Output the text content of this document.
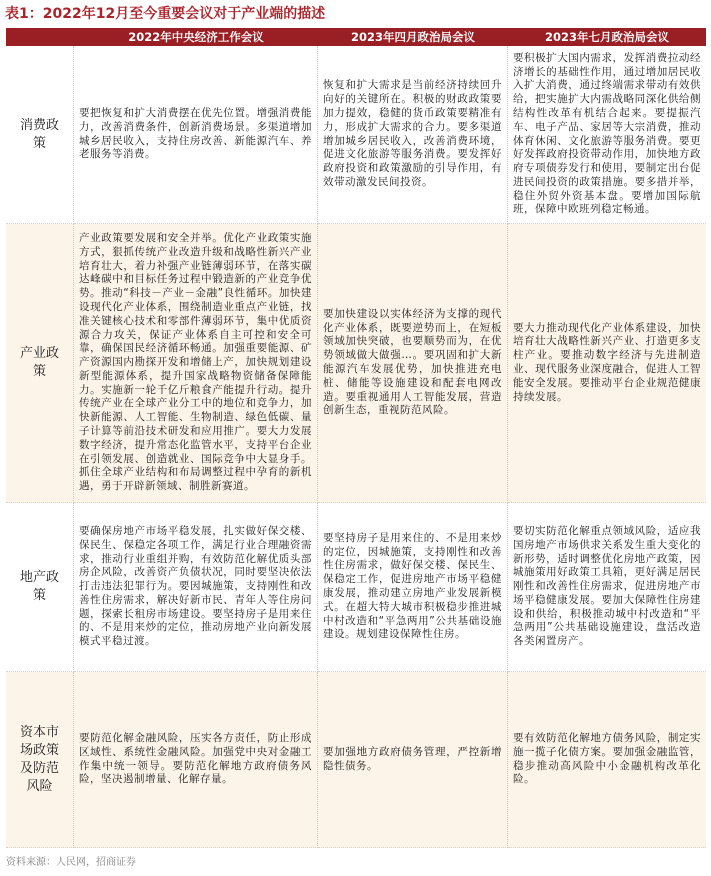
表1：2022年12月至今重要会议对于产业端的描述
2022年中央经济工作会议	2023年四月政治局会议	2023年七月政治局会议
消费政策
要把恢复和扩大消费摆在优先位置。增强消费能力，改善消费条件，创新消费场景。多渠道增加城乡居民收入，支持住房改善、新能源汽车、养老服务等消费。
恢复和扩大需求是当前经济持续回升向好的关键所在。积极的财政政策要加力提效，稳健的货币政策要精准有力，形成扩大需求的合力。要多渠道增加城乡居民收入，改善消费环境，促进文化旅游等服务消费。要发挥好政府投资和政策激励的引导作用，有效带动激发民间投资。
要积极扩大国内需求，发挥消费拉动经济增长的基础性作用，通过增加居民收入扩大消费，通过终端需求带动有效供给，把实施扩大内需战略同深化供给侧结构性改革有机结合起来。要提振汽车、电子产品、家居等大宗消费，推动体育休闲、文化旅游等服务消费。要更好发挥政府投资带动作用，加快地方政府专项债券发行和使用，要制定出台促进民间投资的政策措施。要多措并举，稳住外贸外资基本盘。要增加国际航班，保障中欧班列稳定畅通。
产业政策
产业政策要发展和安全并举。优化产业政策实施方式，狠抓传统产业改造升级和战略性新兴产业培育壮大，着力补强产业链薄弱环节，在落实碳达峰碳中和目标任务过程中锻造新的产业竞争优势。推动“科技－产业－金融”良性循环。加快建设现代化产业体系，围绕制造业重点产业链，找准关键核心技术和零部件薄弱环节，集中优质资源合力攻关，保证产业体系自主可控和安全可靠，确保国民经济循环畅通。加强重要能源、矿产资源国内勘探开发和增储上产，加快规划建设新型能源体系，提升国家战略物资储备保障能力。实施新一轮千亿斤粮食产能提升行动。提升传统产业在全球产业分工中的地位和竞争力，加快新能源、人工智能、生物制造、绿色低碳、量子计算等前沿技术研发和应用推广。要大力发展数字经济，提升常态化监管水平，支持平台企业在引领发展、创造就业、国际竞争中大显身手。抓住全球产业结构和布局调整过程中孕育的新机遇，勇于开辟新领域、制胜新赛道。
要加快建设以实体经济为支撑的现代化产业体系，既要逆势而上，在短板领域加快突破，也要顺势而为，在优势领域做大做强…。要巩固和扩大新能源汽车发展优势，加快推进充电桩、储能等设施建设和配套电网改造。要重视通用人工智能发展，营造创新生态，重视防范风险。
要大力推动现代化产业体系建设，加快培育壮大战略性新兴产业、打造更多支柱产业。要推动数字经济与先进制造业、现代服务业深度融合，促进人工智能安全发展。要推动平台企业规范健康持续发展。
地产政策
要确保房地产市场平稳发展，扎实做好保交楼、保民生、保稳定各项工作，满足行业合理融资需求，推动行业重组并购，有效防范化解优质头部房企风险，改善资产负债状况，同时要坚决依法打击违法犯罪行为。要因城施策，支持刚性和改善性住房需求，解决好新市民、青年人等住房问题，探索长租房市场建设。要坚持房子是用来住的、不是用来炒的定位，推动房地产业向新发展模式平稳过渡。
要坚持房子是用来住的、不是用来炒的定位，因城施策，支持刚性和改善性住房需求，做好保交楼、保民生、保稳定工作，促进房地产市场平稳健康发展，推动建立房地产业发展新模式。在超大特大城市积极稳步推进城中村改造和“平急两用”公共基础设施建设。规划建设保障性住房。
要切实防范化解重点领域风险，适应我国房地产市场供求关系发生重大变化的新形势，适时调整优化房地产政策，因城施策用好政策工具箱，更好满足居民刚性和改善性住房需求，促进房地产市场平稳健康发展。要加大保障性住房建设和供给，积极推动城中村改造和“平急两用”公共基础设施建设，盘活改造各类闲置房产。
资本市场政策及防范风险
要防范化解金融风险，压实各方责任，防止形成区域性、系统性金融风险。加强党中央对金融工作集中统一领导。要防范化解地方政府债务风险，坚决遏制增量、化解存量。
要加强地方政府债务管理，严控新增隐性债务。
要有效防范化解地方债务风险，制定实施一揽子化债方案。要加强金融监管，稳步推动高风险中小金融机构改革化险。
资料来源：人民网，招商证券
